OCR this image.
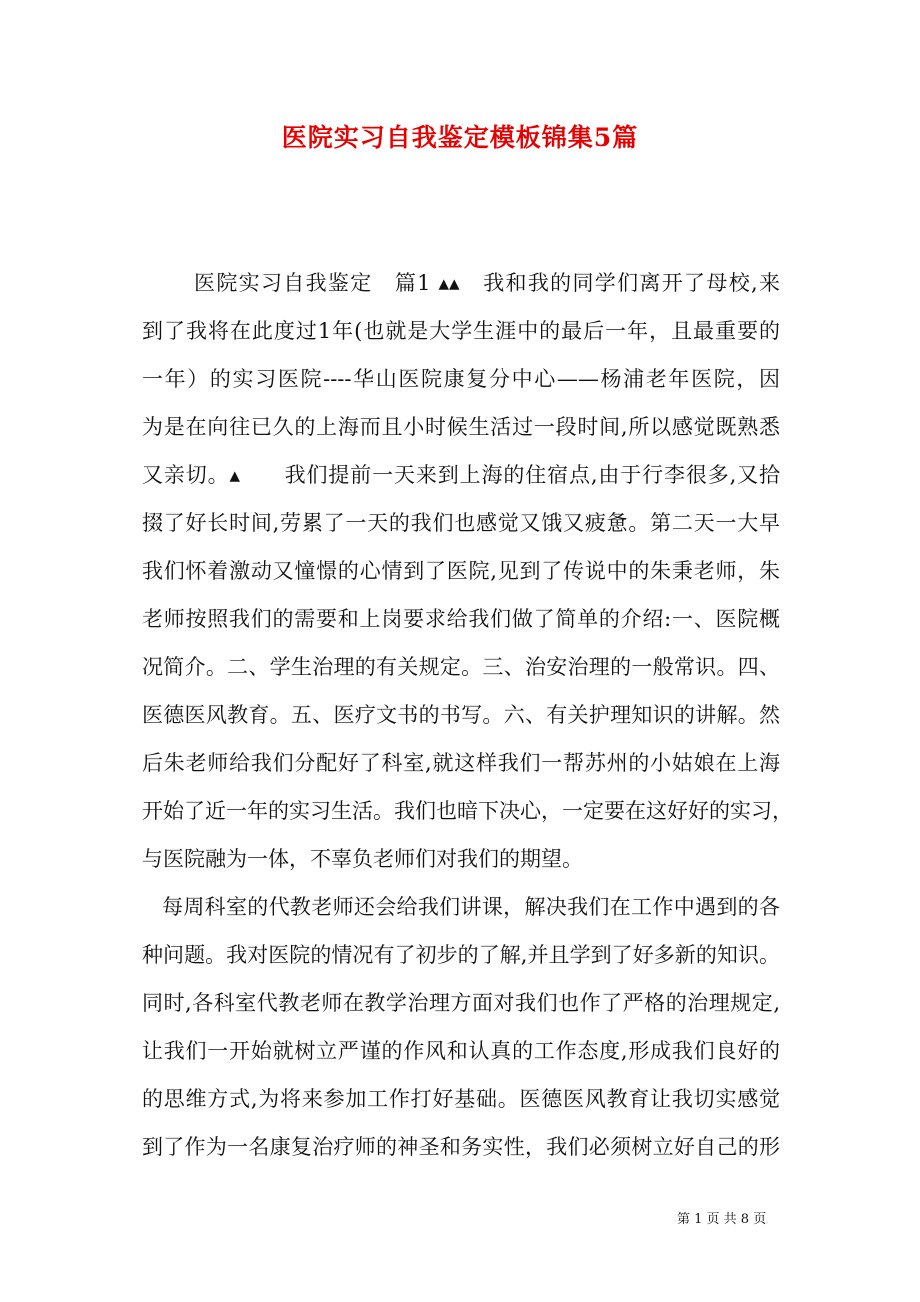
医院实习自我鉴定模板锦集5篇
医院实习自我鉴定　篇1 ▴▴　我和我的同学们离开了母校,来
到了我将在此度过1年(也就是大学生涯中的最后一年，且最重要的
一年）的实习医院----华山医院康复分中心——杨浦老年医院，因
为是在向往已久的上海而且小时候生活过一段时间,所以感觉既熟悉
又亲切。▴　　我们提前一天来到上海的住宿点,由于行李很多,又拾
掇了好长时间,劳累了一天的我们也感觉又饿又疲惫。第二天一大早
我们怀着激动又憧憬的心情到了医院,见到了传说中的朱秉老师，朱
老师按照我们的需要和上岗要求给我们做了简单的介绍:一、医院概
况简介。二、学生治理的有关规定。三、治安治理的一般常识。四、
医德医风教育。五、医疗文书的书写。六、有关护理知识的讲解。然
后朱老师给我们分配好了科室,就这样我们一帮苏州的小姑娘在上海
开始了近一年的实习生活。我们也暗下决心，一定要在这好好的实习，
与医院融为一体，不辜负老师们对我们的期望。
每周科室的代教老师还会给我们讲课，解决我们在工作中遇到的各
种问题。我对医院的情况有了初步的了解,并且学到了好多新的知识。
同时,各科室代教老师在教学治理方面对我们也作了严格的治理规定,
让我们一开始就树立严谨的作风和认真的工作态度,形成我们良好的
的思维方式,为将来参加工作打好基础。医德医风教育让我切实感觉
到了作为一名康复治疗师的神圣和务实性，我们必须树立好自己的形
第 1 页 共 8 页
